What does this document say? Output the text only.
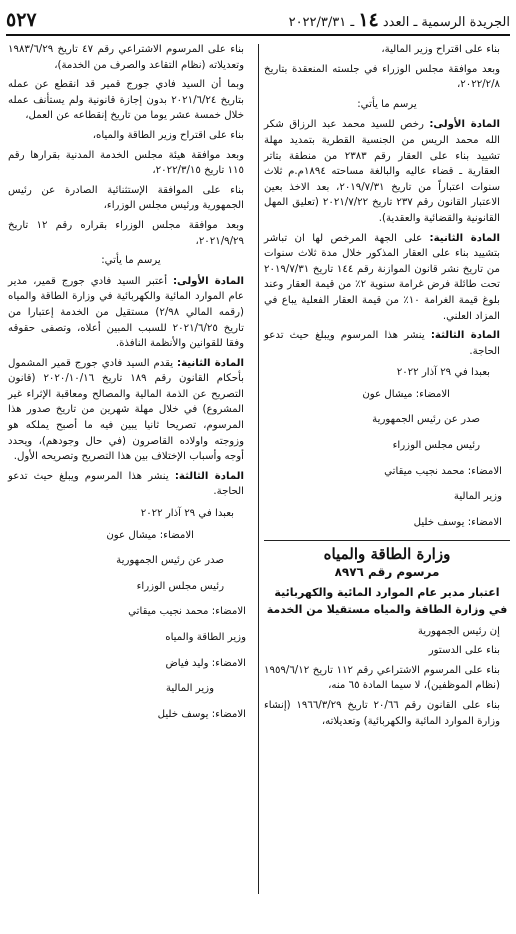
الجريدة الرسمية ـ العدد ١٤ ـ ٢٠٢٢/٣/٣١
٥٢٧
بناء على اقتراح وزير المالية،
وبعد موافقة مجلس الوزراء في جلسته المنعقدة بتاريخ ٢٠٢٢/٢/٨،
يرسم ما يأتي:
المادة الأولى: رخص للسيد محمد عبد الرزاق شكر الله محمد الريس من الجنسية القطرية بتمديد مهلة تشييد بناء على العقار رقم ٢٣٨٣ من منطقة بتاتر العقارية ـ قضاء عاليه والبالغة مساحته ١٨٩٤م.م ثلاث سنوات اعتباراً من تاريخ ٢٠١٩/٧/٣١، بعد الاخذ بعين الاعتبار القانون رقم ٢٣٧ تاريخ ٢٠٢١/٧/٢٢ (تعليق المهل القانونية والقضائية والعقدية).
المادة الثانية: على الجهة المرخص لها ان تباشر بتشييد بناء على العقار المذكور خلال مدة ثلاث سنوات من تاريخ نشر قانون الموازنة رقم ١٤٤ تاريخ ٢٠١٩/٧/٣١ تحت طائلة فرض غرامة سنوية ٢٪ من قيمة العقار وعند بلوغ قيمة الغرامة ١٠٪ من قيمة العقار الفعلية يباع في المزاد العلني.
المادة الثالثة: ينشر هذا المرسوم ويبلغ حيث تدعو الحاجة.
بعبدا في ٢٩ آذار ٢٠٢٢
الامضاء: ميشال عون
صدر عن رئيس الجمهورية
رئيس مجلس الوزراء
الامضاء: محمد نجيب ميقاتي
وزير المالية
الامضاء: يوسف خليل
وزارة الطاقة والمياه
مرسوم رقم ٨٩٧٦
اعتبار مدير عام الموارد المائية والكهربائية في وزارة الطاقة والمياه مستقيلا من الخدمة
إن رئيس الجمهورية
بناء على الدستور
بناء على المرسوم الاشتراعي رقم ١١٢ تاريخ ١٩٥٩/٦/١٢ (نظام الموظفين)، لا سيما المادة ٦٥ منه،
بناء على القانون رقم ٢٠/٦٦ تاريخ ١٩٦٦/٣/٢٩ (إنشاء وزارة الموارد المائية والكهربائية) وتعديلاته،
بناء على المرسوم الاشتراعي رقم ٤٧ تاريخ ١٩٨٣/٦/٢٩ وتعديلاته (نظام التقاعد والصرف من الخدمة)،
وبما أن السيد فادي جورج قمير قد انقطع عن عمله بتاريخ ٢٠٢١/٦/٢٤ بدون إجازة قانونية ولم يستأنف عمله خلال خمسة عشر يوما من تاريخ إنقطاعه عن العمل،
بناء على اقتراح وزير الطاقة والمياه،
وبعد موافقة هيئة مجلس الخدمة المدنية بقرارها رقم ١١٥ تاريخ ٢٠٢٢/٣/١٥،
بناء على الموافقة الإستثنائية الصادرة عن رئيس الجمهورية ورئيس مجلس الوزراء،
وبعد موافقة مجلس الوزراء بقراره رقم ١٢ تاريخ ٢٠٢١/٩/٢٩،
يرسم ما يأتي:
المادة الأولى: أعتبر السيد فادي جورج قمير، مدير عام الموارد المائية والكهربائية في وزارة الطاقة والمياه (رقمه المالي ٢/٩٨) مستقيل من الخدمة إعتبارا من تاريخ ٢٠٢١/٦/٢٥ للسبب المبين أعلاه، وتصفى حقوقه وفقا للقوانين والأنظمة النافذة.
المادة الثانية: يقدم السيد فادي جورج قمير المشمول بأحكام القانون رقم ١٨٩ تاريخ ٢٠٢٠/١٠/١٦ (قانون التصريح عن الذمة المالية والمصالح ومعاقبة الإثراء غير المشروع) في خلال مهلة شهرين من تاريخ صدور هذا المرسوم، تصريحا ثانيا يبين فيه ما أصبح يملكه هو وزوجته واولاده القاصرون (في حال وجودهم)، ويحدد أوجه وأسباب الإختلاف بين هذا التصريح وتصريحه الأول.
المادة الثالثة: ينشر هذا المرسوم ويبلغ حيث تدعو الحاجة.
بعبدا في ٢٩ آذار ٢٠٢٢
الامضاء: ميشال عون
صدر عن رئيس الجمهورية
رئيس مجلس الوزراء
الامضاء: محمد نجيب ميقاتي
وزير الطاقة والمياه
الامضاء: وليد فياض
وزير المالية
الامضاء: يوسف خليل
